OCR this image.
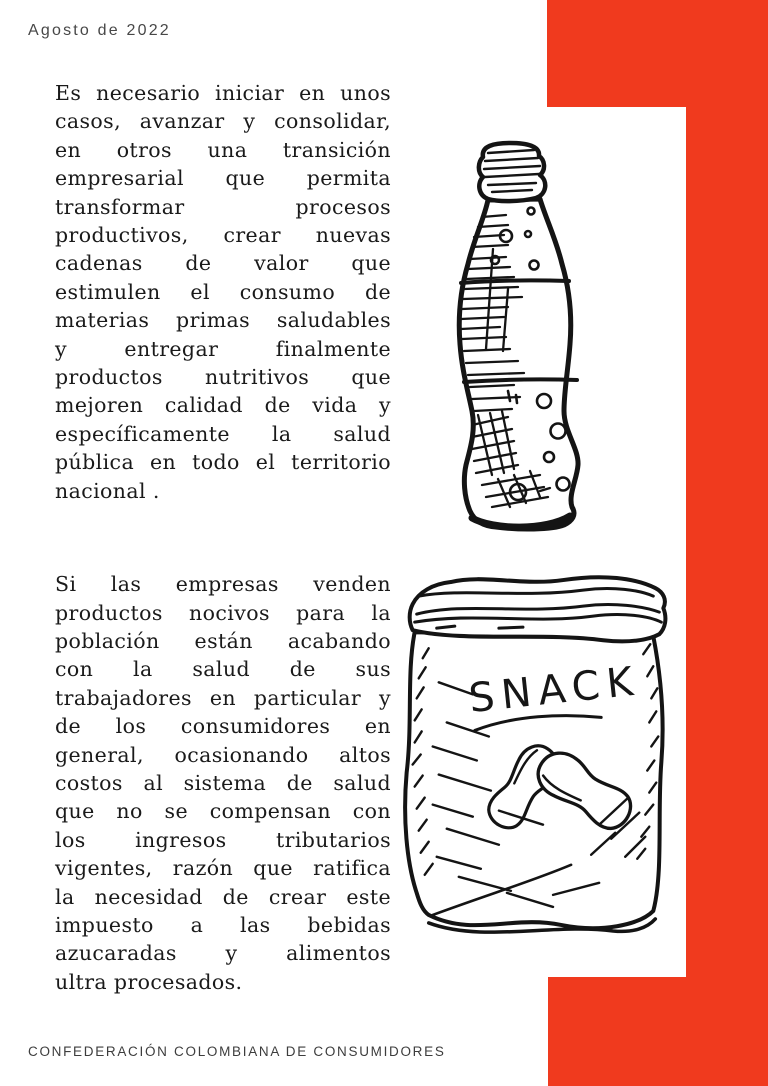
Agosto de 2022
Es necesario iniciar en unos
casos, avanzar y consolidar,
en otros una transición
empresarial que permita
transformar procesos
productivos, crear nuevas
cadenas de valor que
estimulen el consumo de
materias primas saludables
y entregar finalmente
productos nutritivos que
mejoren calidad de vida y
específicamente la salud
pública en todo el territorio
nacional .
Si las empresas venden
productos nocivos para la
población están acabando
con la salud de sus
trabajadores en particular y
de los consumidores en
general, ocasionando altos
costos al sistema de salud
que no se compensan con
los ingresos tributarios
vigentes, razón que ratifica
la necesidad de crear este
impuesto a las bebidas
azucaradas y alimentos
ultra procesados.
SNACK
CONFEDERACIÓN COLOMBIANA DE CONSUMIDORES
